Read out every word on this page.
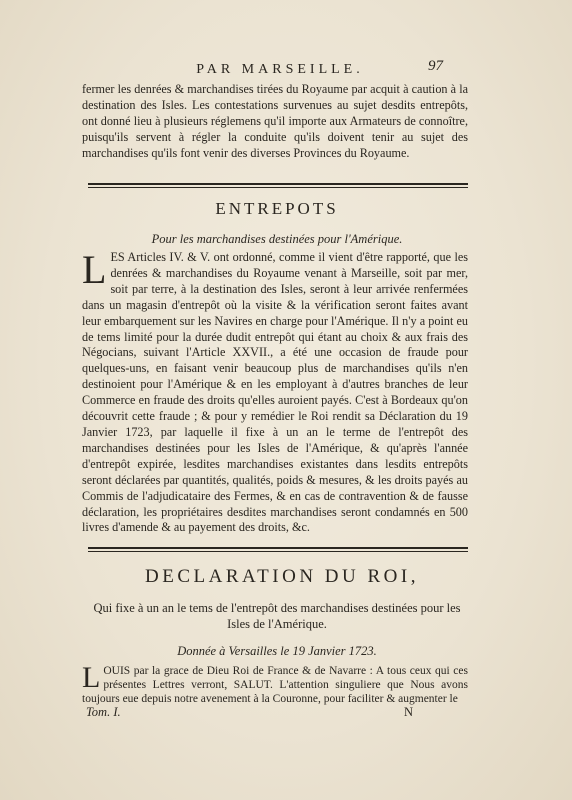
PAR MARSEILLE.	97

fermer les denrées & marchandises tirées du Royaume par acquit à caution à la destination des Isles. Les contestations survenues au sujet desdits entrepôts, ont donné lieu à plusieurs réglemens qu'il importe aux Armateurs de connoître, puisqu'ils servent à régler la conduite qu'ils doivent tenir au sujet des marchandises qu'ils font venir des diverses Provinces du Royaume.

ENTREPOTS
Pour les marchandises destinées pour l'Amérique.

LES Articles IV. & V. ont ordonné, comme il vient d'être rapporté, que les denrées & marchandises du Royaume venant à Marseille, soit par mer, soit par terre, à la destination des Isles, seront à leur arrivée renfermées dans un magasin d'entrepôt où la visite & la vérification seront faites avant leur embarquement sur les Navires en charge pour l'Amérique. Il n'y a point eu de tems limité pour la durée dudit entrepôt qui étant au choix & aux frais des Négocians, suivant l'Article XXVII., a été une occasion de fraude pour quelques-uns, en faisant venir beaucoup plus de marchandises qu'ils n'en destinoient pour l'Amérique & en les employant à d'autres branches de leur Commerce en fraude des droits qu'elles auroient payés. C'est à Bordeaux qu'on découvrit cette fraude ; & pour y remédier le Roi rendit sa Déclaration du 19 Janvier 1723, par laquelle il fixe à un an le terme de l'entrepôt des marchandises destinées pour les Isles de l'Amérique, & qu'après l'année d'entrepôt expirée, lesdites marchandises existantes dans lesdits entrepôts seront déclarées par quantités, qualités, poids & mesures, & les droits payés au Commis de l'adjudicataire des Fermes, & en cas de contravention & de fausse déclaration, les propriétaires desdites marchandises seront condamnés en 500 livres d'amende & au payement des droits, &c.

DECLARATION DU ROI,
Qui fixe à un an le tems de l'entrepôt des marchandises destinées pour les Isles de l'Amérique.
Donnée à Versailles le 19 Janvier 1723.

LOUIS par la grace de Dieu Roi de France & de Navarre : A tous ceux qui ces présentes Lettres verront, SALUT. L'attention singuliere que Nous avons toujours eue depuis notre avenement à la Couronne, pour faciliter & augmenter le

Tom. I.	N
